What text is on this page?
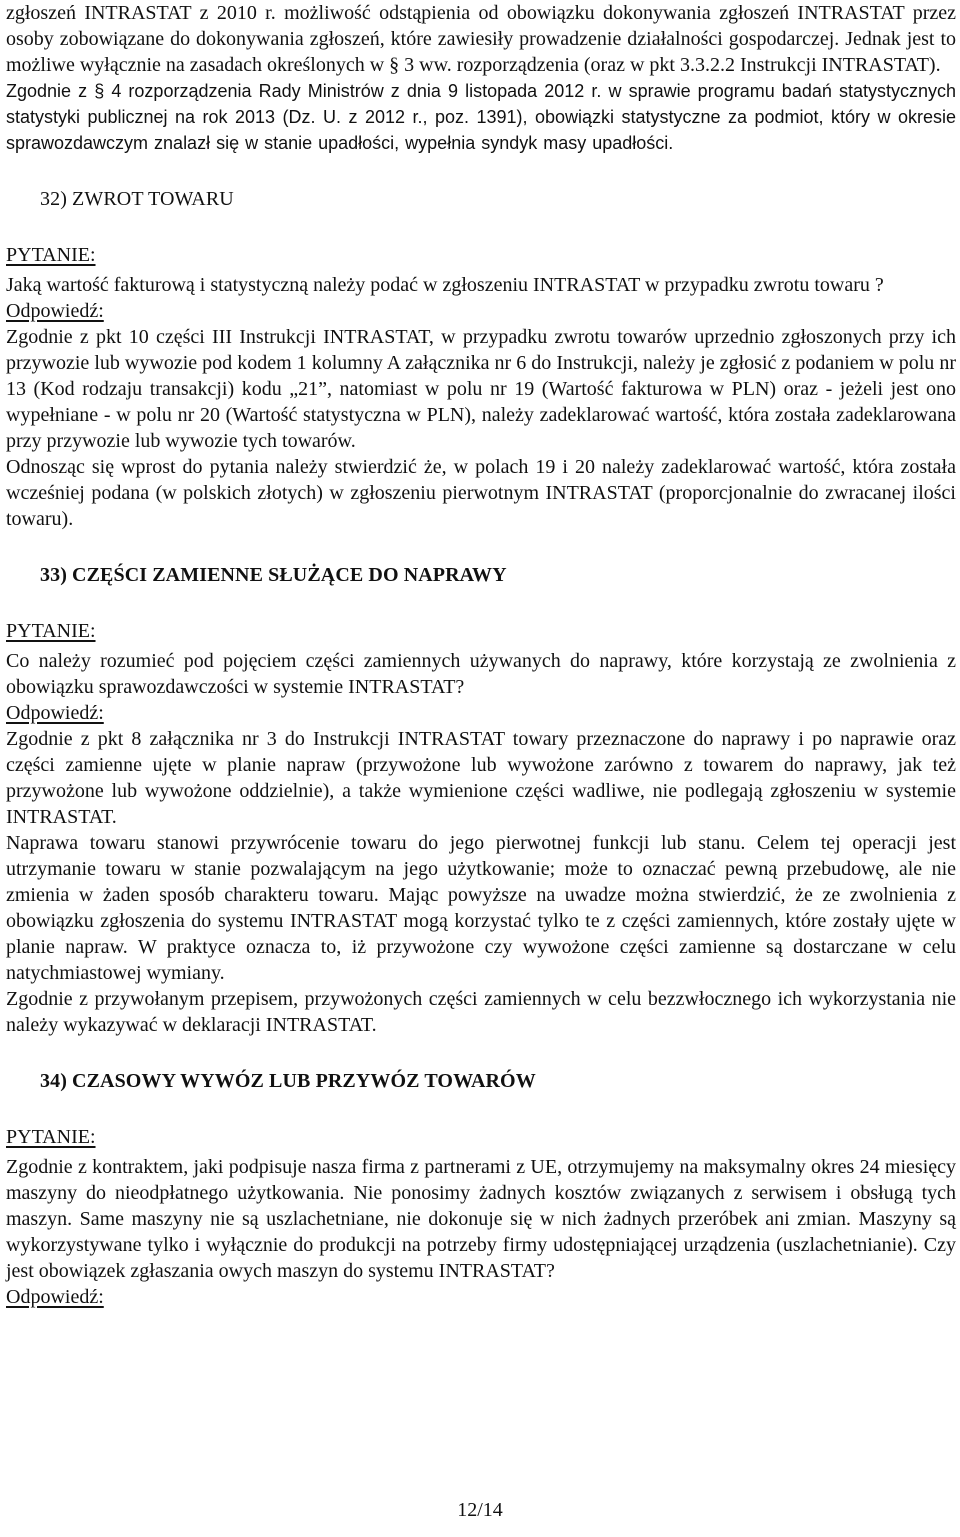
zgłoszeń INTRASTAT z 2010 r. możliwość odstąpienia od obowiązku dokonywania zgłoszeń INTRASTAT przez osoby zobowiązane do dokonywania zgłoszeń, które zawiesiły prowadzenie działalności gospodarczej. Jednak jest to możliwe wyłącznie na zasadach określonych w § 3 ww. rozporządzenia (oraz w pkt 3.3.2.2 Instrukcji INTRASTAT).

Zgodnie z § 4 rozporządzenia Rady Ministrów z dnia 9 listopada 2012 r. w sprawie programu badań statystycznych statystyki publicznej na rok 2013 (Dz. U. z 2012 r., poz. 1391), obowiązki statystyczne za podmiot, który w okresie sprawozdawczym znalazł się w stanie upadłości, wypełnia syndyk masy upadłości.

32) ZWROT TOWARU

PYTANIE:

Jaką wartość fakturową i statystyczną należy podać w zgłoszeniu INTRASTAT w przypadku zwrotu towaru ?

Odpowiedź:

Zgodnie z pkt 10 części III Instrukcji INTRASTAT, w przypadku zwrotu towarów uprzednio zgłoszonych przy ich przywozie lub wywozie pod kodem 1 kolumny A załącznika nr 6 do Instrukcji, należy je zgłosić z podaniem w polu nr 13 (Kod rodzaju transakcji) kodu „21”, natomiast w polu nr 19 (Wartość fakturowa w PLN) oraz - jeżeli jest ono wypełniane - w polu nr 20 (Wartość statystyczna w PLN), należy zadeklarować wartość, która została zadeklarowana przy przywozie lub wywozie tych towarów.

Odnosząc się wprost do pytania należy stwierdzić że, w polach 19 i 20 należy zadeklarować wartość, która została wcześniej podana (w polskich złotych) w zgłoszeniu pierwotnym INTRASTAT (proporcjonalnie do zwracanej ilości towaru).

33) CZĘŚCI ZAMIENNE SŁUŻĄCE DO NAPRAWY

PYTANIE:

Co należy rozumieć pod pojęciem części zamiennych używanych do naprawy, które korzystają ze zwolnienia z obowiązku sprawozdawczości w systemie INTRASTAT?

Odpowiedź:

Zgodnie z pkt 8 załącznika nr 3 do Instrukcji INTRASTAT towary przeznaczone do naprawy i po naprawie oraz części zamienne ujęte w planie napraw (przywożone lub wywożone zarówno z towarem do naprawy, jak też przywożone lub wywożone oddzielnie), a także wymienione części wadliwe, nie podlegają zgłoszeniu w systemie INTRASTAT.

Naprawa towaru stanowi przywrócenie towaru do jego pierwotnej funkcji lub stanu. Celem tej operacji jest utrzymanie towaru w stanie pozwalającym na jego użytkowanie; może to oznaczać pewną przebudowę, ale nie zmienia w żaden sposób charakteru towaru. Mając powyższe na uwadze można stwierdzić, że ze zwolnienia z obowiązku zgłoszenia do systemu INTRASTAT mogą korzystać tylko te z części zamiennych, które zostały ujęte w planie napraw. W praktyce oznacza to, iż przywożone czy wywożone części zamienne są dostarczane w celu natychmiastowej wymiany.

Zgodnie z przywołanym przepisem, przywożonych części zamiennych w celu bezzwłocznego ich wykorzystania nie należy wykazywać w deklaracji INTRASTAT.

34) CZASOWY WYWÓZ LUB PRZYWÓZ TOWARÓW

PYTANIE:

Zgodnie z kontraktem, jaki podpisuje nasza firma z partnerami z UE, otrzymujemy na maksymalny okres 24 miesięcy maszyny do nieodpłatnego użytkowania. Nie ponosimy żadnych kosztów związanych z serwisem i obsługą tych maszyn. Same maszyny nie są uszlachetniane, nie dokonuje się w nich żadnych przeróbek ani zmian. Maszyny są wykorzystywane tylko i wyłącznie do produkcji na potrzeby firmy udostępniającej urządzenia (uszlachetnianie). Czy jest obowiązek zgłaszania owych maszyn do systemu INTRASTAT?

Odpowiedź:

12/14
